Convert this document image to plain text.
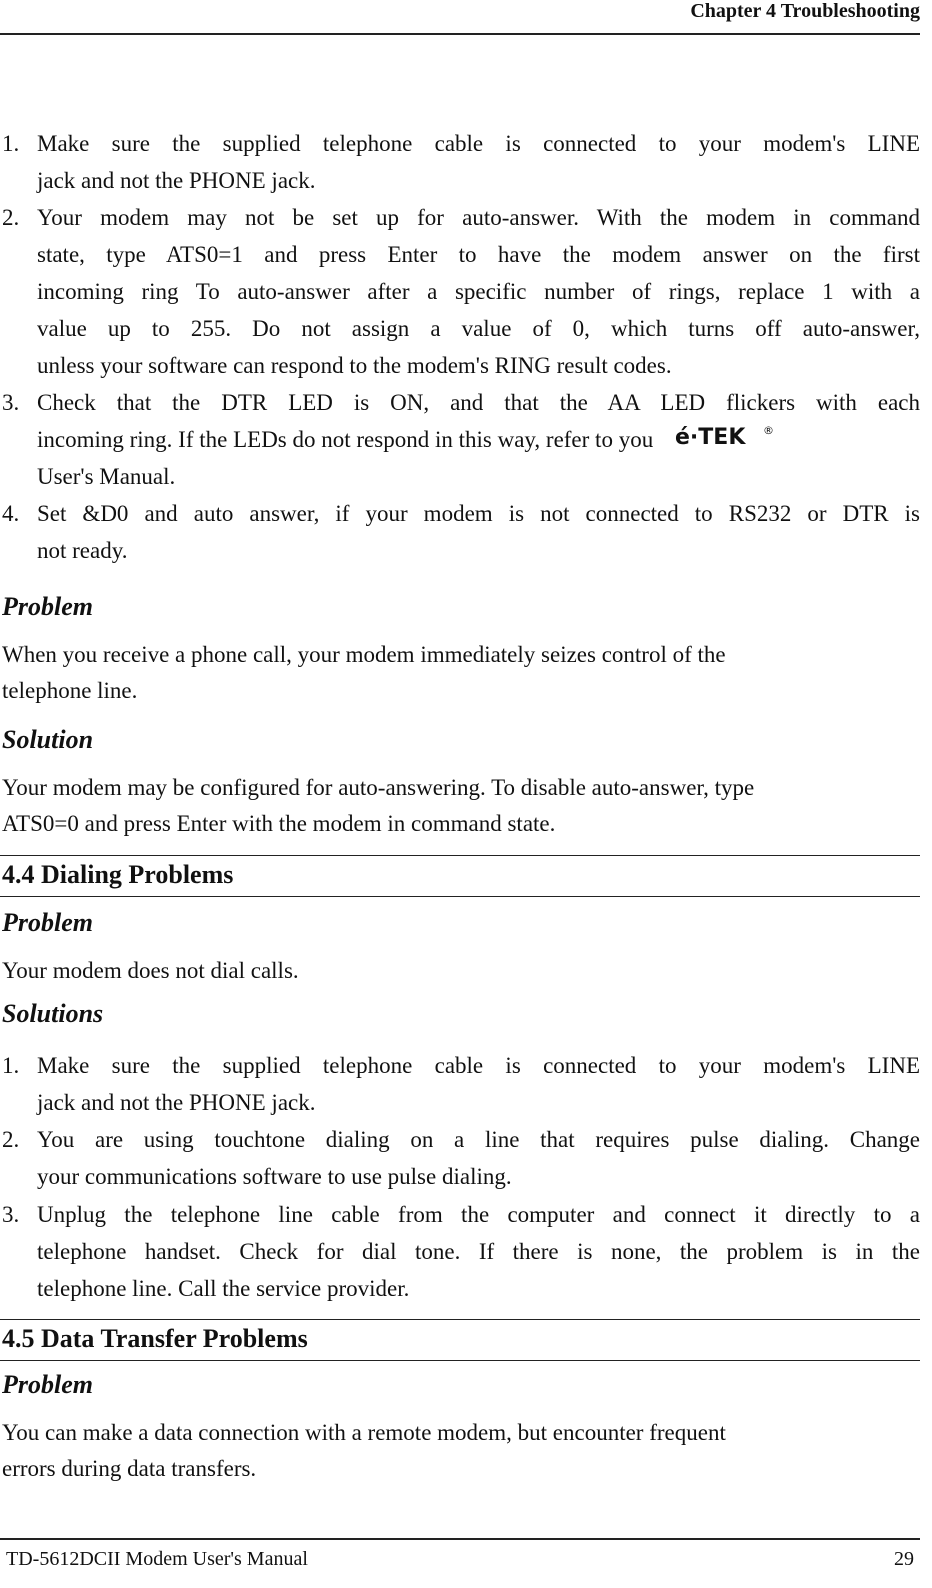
Chapter 4 Troubleshooting
1. Make sure the supplied telephone cable is connected to your modem's LINE
jack and not the PHONE jack.
2. Your modem may not be set up for auto-answer. With the modem in command
state, type ATS0=1 and press Enter to have the modem answer on the first
incoming ring To auto-answer after a specific number of rings, replace 1 with a
value up to 255. Do not assign a value of 0, which turns off auto-answer,
unless your software can respond to the modem's RING result codes.
3. Check that the DTR LED is ON, and that the AA LED flickers with each
incoming ring. If the LEDs do not respond in this way, refer to you é·TEK ®
User's Manual.
4. Set &D0 and auto answer, if your modem is not connected to RS232 or DTR is
not ready.
Problem
When you receive a phone call, your modem immediately seizes control of the
telephone line.
Solution
Your modem may be configured for auto-answering. To disable auto-answer, type
ATS0=0 and press Enter with the modem in command state.
4.4 Dialing Problems
Problem
Your modem does not dial calls.
Solutions
1. Make sure the supplied telephone cable is connected to your modem's LINE
jack and not the PHONE jack.
2. You are using touchtone dialing on a line that requires pulse dialing. Change
your communications software to use pulse dialing.
3. Unplug the telephone line cable from the computer and connect it directly to a
telephone handset. Check for dial tone. If there is none, the problem is in the
telephone line. Call the service provider.
4.5 Data Transfer Problems
Problem
You can make a data connection with a remote modem, but encounter frequent
errors during data transfers.
TD-5612DCII Modem User's Manual	29
